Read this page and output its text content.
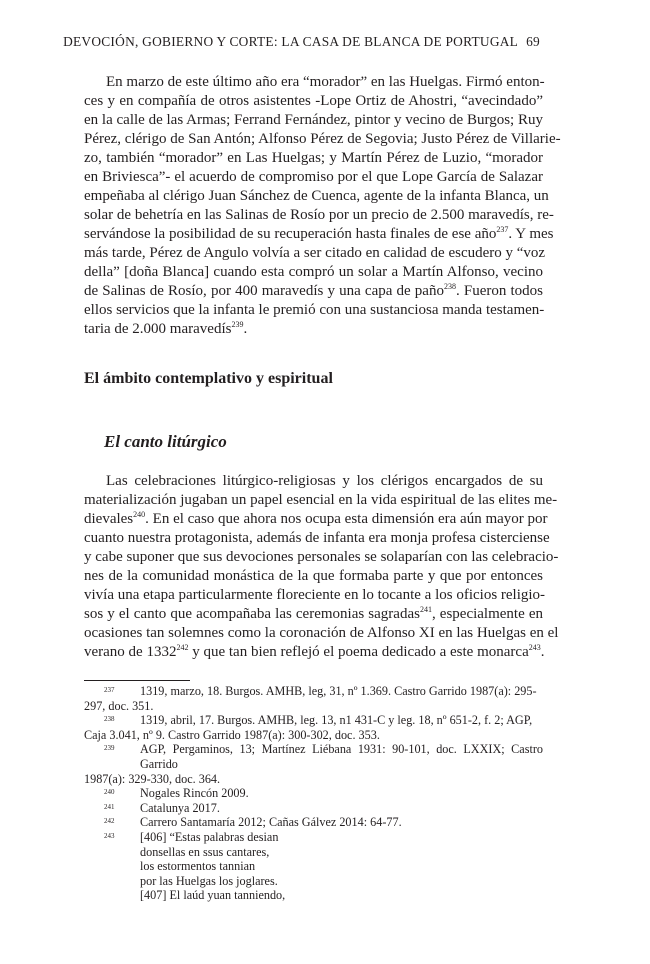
DEVOCIÓN, GOBIERNO Y CORTE: LA CASA DE BLANCA DE PORTUGAL 69

En marzo de este último año era “morador” en las Huelgas. Firmó enton-

ces y en compañía de otros asistentes -Lope Ortiz de Ahostri, “avecindado”

en la calle de las Armas; Ferrand Fernández, pintor y vecino de Burgos; Ruy

Pérez, clérigo de San Antón; Alfonso Pérez de Segovia; Justo Pérez de Villarie-

zo, también “morador” en Las Huelgas; y Martín Pérez de Luzio, “morador

en Briviesca”- el acuerdo de compromiso por el que Lope García de Salazar

empeñaba al clérigo Juan Sánchez de Cuenca, agente de la infanta Blanca, un

solar de behetría en las Salinas de Rosío por un precio de 2.500 maravedís, re-

servándose la posibilidad de su recuperación hasta finales de ese año$^{237}$. Y mes

más tarde, Pérez de Angulo volvía a ser citado en calidad de escudero y “voz

della” [doña Blanca] cuando esta compró un solar a Martín Alfonso, vecino

de Salinas de Rosío, por 400 maravedís y una capa de paño$^{238}$. Fueron todos

ellos servicios que la infanta le premió con una sustanciosa manda testamen-

taria de 2.000 maravedís$^{239}$.

El ámbito contemplativo y espiritual
El canto litúrgico

Las celebraciones litúrgico-religiosas y los clérigos encargados de su

materialización jugaban un papel esencial en la vida espiritual de las elites me-

dievales$^{240}$. En el caso que ahora nos ocupa esta dimensión era aún mayor por

cuanto nuestra protagonista, además de infanta era monja profesa cisterciense

y cabe suponer que sus devociones personales se solaparían con las celebracio-

nes de la comunidad monástica de la que formaba parte y que por entonces

vivía una etapa particularmente floreciente en lo tocante a los oficios religio-

sos y el canto que acompañaba las ceremonias sagradas$^{241}$, especialmente en

ocasiones tan solemnes como la coronación de Alfonso XI en las Huelgas en el

verano de 1332$^{242}$ y que tan bien reflejó el poema dedicado a este monarca$^{243}$.

237	1319, marzo, 18. Burgos. AMHB, leg, 31, nº 1.369. Castro Garrido 1987(a): 295-
297, doc. 351.
238	1319, abril, 17. Burgos. AMHB, leg. 13, n1 431-C y leg. 18, nº 651-2, f. 2; AGP,
Caja 3.041, nº 9. Castro Garrido 1987(a): 300-302, doc. 353.
239	AGP, Pergaminos, 13; Martínez Liébana 1931: 90-101, doc. LXXIX; Castro Garrido
1987(a): 329-330, doc. 364.
240	Nogales Rincón 2009.
241	Catalunya 2017.
242	Carrero Santamaría 2012; Cañas Gálvez 2014: 64-77.
243	[406] “Estas palabras desian
donsellas en ssus cantares,
los estormentos tannian
por las Huelgas los joglares.
[407] El laúd yuan tanniendo,
